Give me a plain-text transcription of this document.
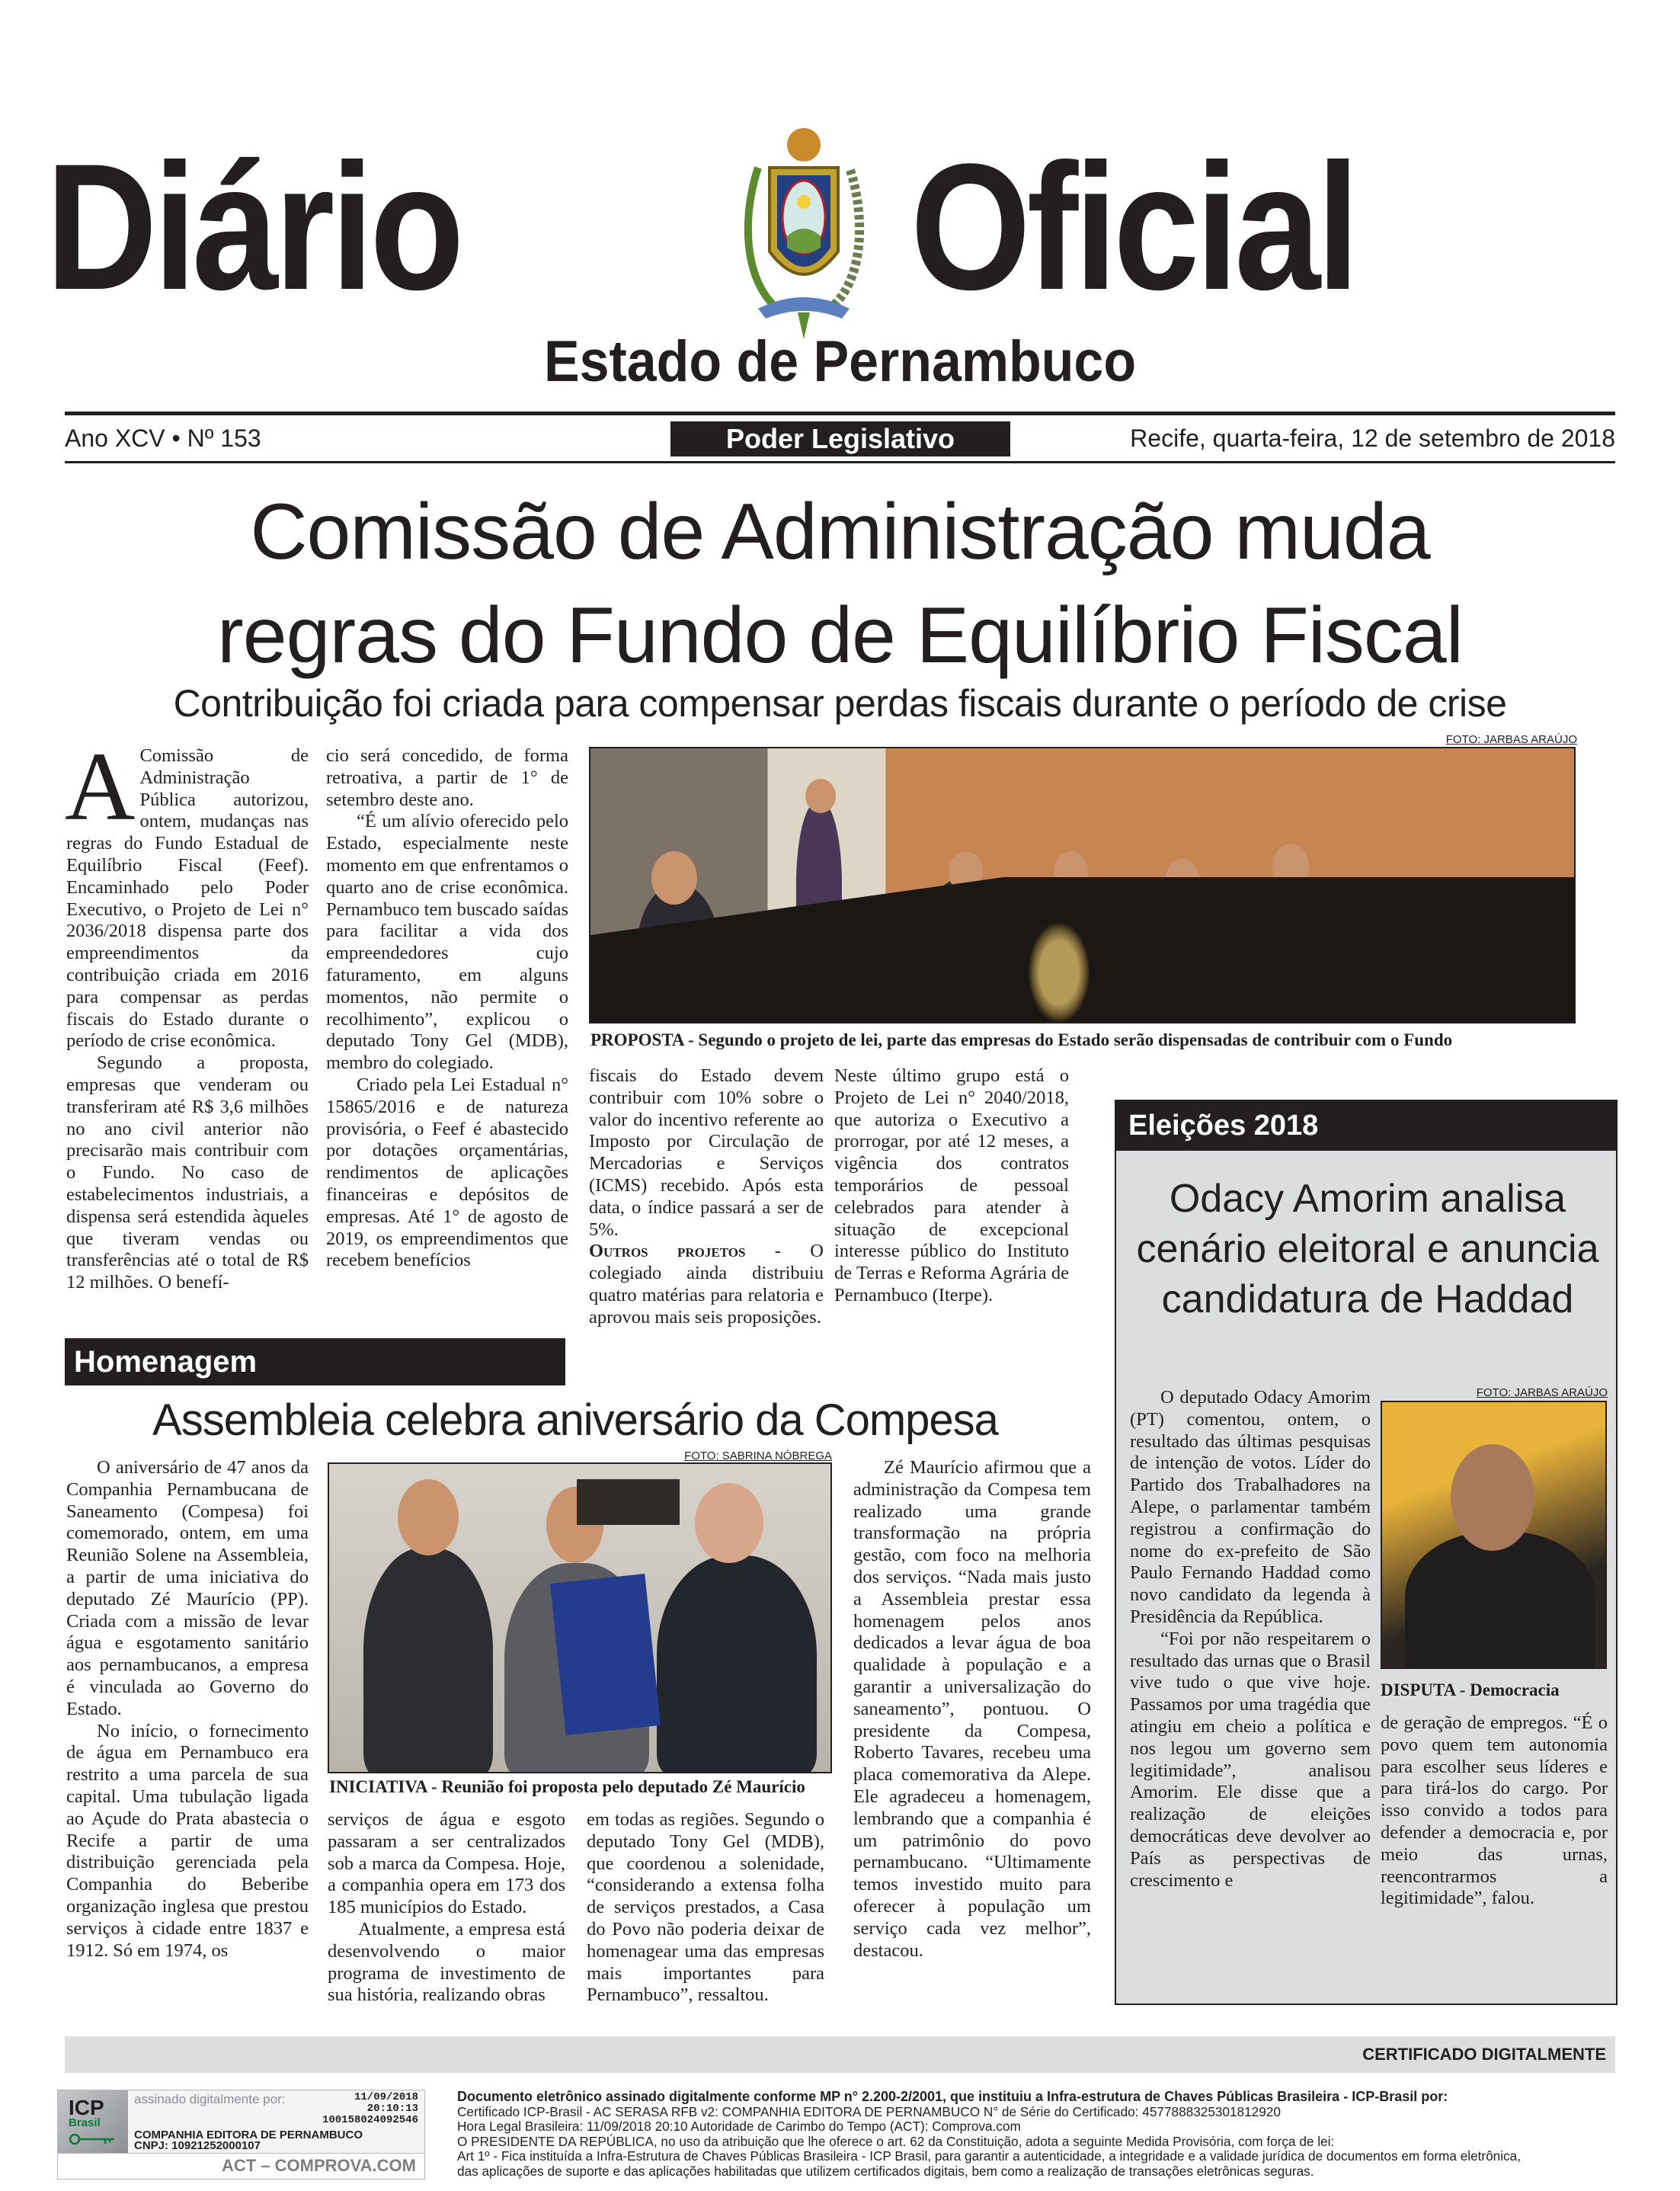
Diário	Oficial
Estado de Pernambuco
Ano XCV • Nº 153	Poder Legislativo	Recife, quarta-feira, 12 de setembro de 2018
Comissão de Administração muda
regras do Fundo de Equilíbrio Fiscal
Contribuição foi criada para compensar perdas fiscais durante o período de crise

A Comissão de Administração Pública autorizou, ontem, mudanças nas regras do Fundo Estadual de Equilíbrio Fiscal (Feef). Encaminhado pelo Poder Executivo, o Projeto de Lei n° 2036/2018 dispensa parte dos empreendimentos da contribuição criada em 2016 para compensar as perdas fiscais do Estado durante o período de crise econômica.

Segundo a proposta, empresas que venderam ou transferiram até R$ 3,6 milhões no ano civil anterior não precisarão mais contribuir com o Fundo. No caso de estabelecimentos industriais, a dispensa será estendida àqueles que tiveram vendas ou transferências até o total de R$ 12 milhões. O benefí-

cio será concedido, de forma retroativa, a partir de 1° de setembro deste ano.

“É um alívio oferecido pelo Estado, especialmente neste momento em que enfrentamos o quarto ano de crise econômica. Pernambuco tem buscado saídas para facilitar a vida dos empreendedores cujo faturamento, em alguns momentos, não permite o recolhimento”, explicou o deputado Tony Gel (MDB), membro do colegiado.

Criado pela Lei Estadual n° 15865/2016 e de natureza provisória, o Feef é abastecido por dotações orçamentárias, rendimentos de aplicações financeiras e depósitos de empresas. Até 1° de agosto de 2019, os empreendimentos que recebem benefícios

FOTO: JARBAS ARAÚJO
PROPOSTA - Segundo o projeto de lei, parte das empresas do Estado serão dispensadas de contribuir com o Fundo

fiscais do Estado devem contribuir com 10% sobre o valor do incentivo referente ao Imposto por Circulação de Mercadorias e Serviços (ICMS) recebido. Após esta data, o índice passará a ser de 5%.

Outros projetos - O colegiado ainda distribuiu quatro matérias para relatoria e aprovou mais seis proposições.

Neste último grupo está o Projeto de Lei n° 2040/2018, que autoriza o Executivo a prorrogar, por até 12 meses, a vigência dos contratos temporários de pessoal celebrados para atender à situação de excepcional interesse público do Instituto de Terras e Reforma Agrária de Pernambuco (Iterpe).

Homenagem
Assembleia celebra aniversário da Compesa

O aniversário de 47 anos da Companhia Pernambucana de Saneamento (Compesa) foi comemorado, ontem, em uma Reunião Solene na Assembleia, a partir de uma iniciativa do deputado Zé Maurício (PP). Criada com a missão de levar água e esgotamento sanitário aos pernambucanos, a empresa é vinculada ao Governo do Estado.

No início, o fornecimento de água em Pernambuco era restrito a uma parcela de sua capital. Uma tubulação ligada ao Açude do Prata abastecia o Recife a partir de uma distribuição gerenciada pela Companhia do Beberibe organização inglesa que prestou serviços à cidade entre 1837 e 1912. Só em 1974, os

FOTO: SABRINA NÓBREGA
INICIATIVA - Reunião foi proposta pelo deputado Zé Maurício

serviços de água e esgoto passaram a ser centralizados sob a marca da Compesa. Hoje, a companhia opera em 173 dos 185 municípios do Estado.

Atualmente, a empresa está desenvolvendo o maior programa de investimento de sua história, realizando obras

em todas as regiões. Segundo o deputado Tony Gel (MDB), que coordenou a solenidade, “considerando a extensa folha de serviços prestados, a Casa do Povo não poderia deixar de homenagear uma das empresas mais importantes para Pernambuco”, ressaltou.

Zé Maurício afirmou que a administração da Compesa tem realizado uma grande transformação na própria gestão, com foco na melhoria dos serviços. “Nada mais justo a Assembleia prestar essa homenagem pelos anos dedicados a levar água de boa qualidade à população e a garantir a universalização do saneamento”, pontuou. O presidente da Compesa, Roberto Tavares, recebeu uma placa comemorativa da Alepe. Ele agradeceu a homenagem, lembrando que a companhia é um patrimônio do povo pernambucano. “Ultimamente temos investido muito para oferecer à população um serviço cada vez melhor”, destacou.

Eleições 2018
Odacy Amorim analisa cenário eleitoral e anuncia candidatura de Haddad

O deputado Odacy Amorim (PT) comentou, ontem, o resultado das últimas pesquisas de intenção de votos. Líder do Partido dos Trabalhadores na Alepe, o parlamentar também registrou a confirmação do nome do ex-prefeito de São Paulo Fernando Haddad como novo candidato da legenda à Presidência da República.

“Foi por não respeitarem o resultado das urnas que o Brasil vive tudo o que vive hoje. Passamos por uma tragédia que atingiu em cheio a política e nos legou um governo sem legitimidade”, analisou Amorim. Ele disse que a realização de eleições democráticas deve devolver ao País as perspectivas de crescimento e

FOTO: JARBAS ARAÚJO
DISPUTA - Democracia

de geração de empregos. “É o povo quem tem autonomia para escolher seus líderes e para tirá-los do cargo. Por isso convido a todos para defender a democracia e, por meio das urnas, reencontrarmos a legitimidade”, falou.

CERTIFICADO DIGITALMENTE
ICP
Brasil
assinado digitalmente por:	11/09/2018
20:10:13
100158024092546
COMPANHIA EDITORA DE PERNAMBUCO
CNPJ: 10921252000107
ACT – COMPROVA.COM
Documento eletrônico assinado digitalmente conforme MP n° 2.200-2/2001, que instituiu a Infra-estrutura de Chaves Públicas Brasileira - ICP-Brasil por:
Certificado ICP-Brasil - AC SERASA RFB v2: COMPANHIA EDITORA DE PERNAMBUCO N° de Série do Certificado: 4577888325301812920
Hora Legal Brasileira: 11/09/2018 20:10 Autoridade de Carimbo do Tempo (ACT): Comprova.com
O PRESIDENTE DA REPÚBLICA, no uso da atribuição que lhe oferece o art. 62 da Constituição, adota a seguinte Medida Provisória, com força de lei:
Art 1º - Fica instituída a Infra-Estrutura de Chaves Públicas Brasileira - ICP Brasil, para garantir a autenticidade, a integridade e a validade jurídica de documentos em forma eletrônica,
das aplicações de suporte e das aplicações habilitadas que utilizem certificados digitais, bem como a realização de transações eletrônicas seguras.
